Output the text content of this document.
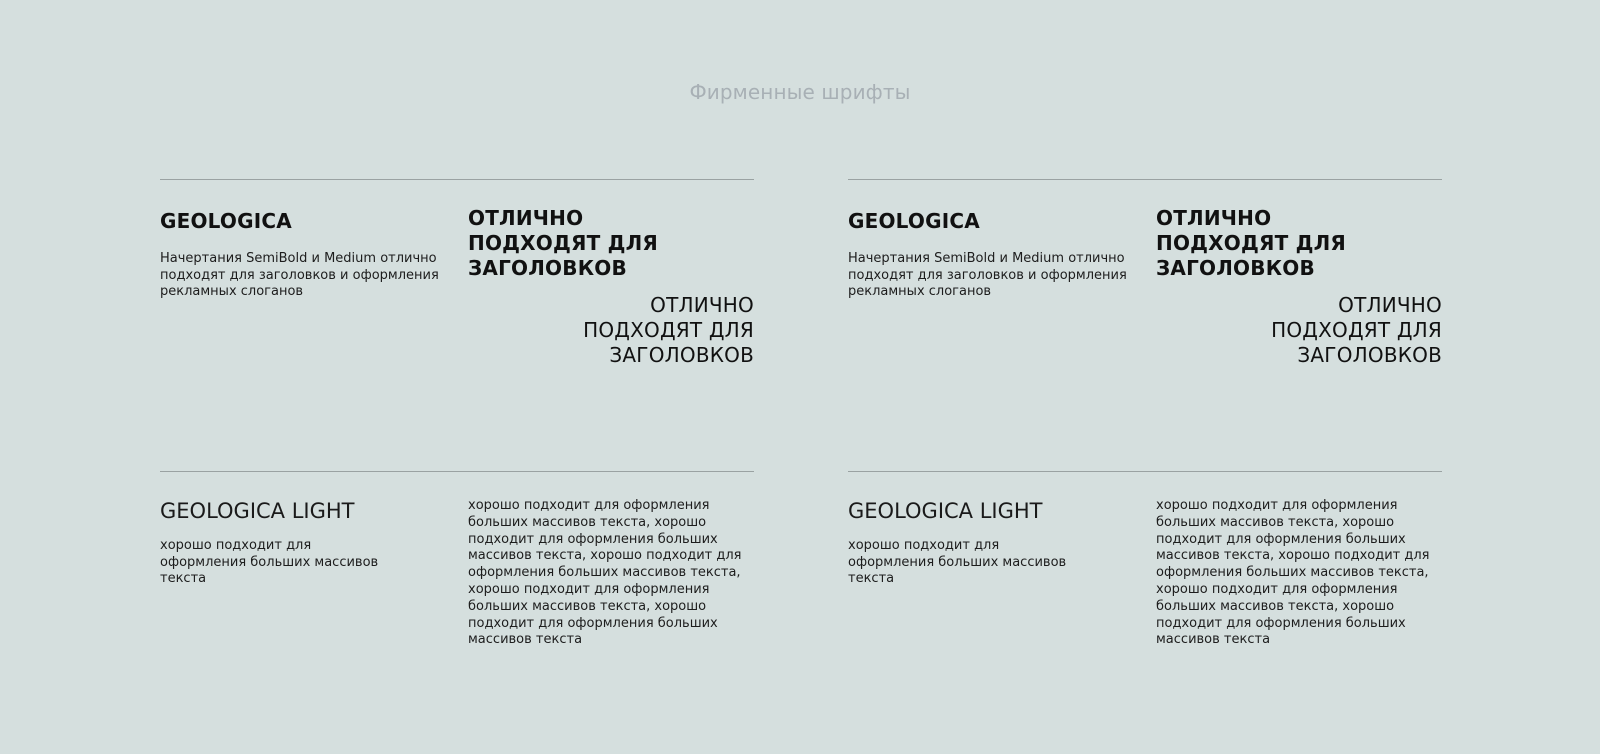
Фирменные шрифты
GEOLOGICA

Начертания SemiBold и Medium отлично подходят для заголовков и оформления рекламных слоганов

ОТЛИЧНО
ПОДХОДЯТ ДЛЯ
ЗАГОЛОВКОВ
ОТЛИЧНО
ПОДХОДЯТ ДЛЯ
ЗАГОЛОВКОВ
GEOLOGICA LIGHT

хорошо подходит для оформления больших массивов текста

хорошо подходит для оформления больших массивов текста, хорошо подходит для оформления больших массивов текста, хорошо подходит для оформления больших массивов текста, хорошо подходит для оформления больших массивов текста, хорошо подходит для оформления больших массивов текста

GEOLOGICA

Начертания SemiBold и Medium отлично подходят для заголовков и оформления рекламных слоганов

ОТЛИЧНО
ПОДХОДЯТ ДЛЯ
ЗАГОЛОВКОВ
ОТЛИЧНО
ПОДХОДЯТ ДЛЯ
ЗАГОЛОВКОВ
GEOLOGICA LIGHT

хорошо подходит для оформления больших массивов текста

хорошо подходит для оформления больших массивов текста, хорошо подходит для оформления больших массивов текста, хорошо подходит для оформления больших массивов текста, хорошо подходит для оформления больших массивов текста, хорошо подходит для оформления больших массивов текста
